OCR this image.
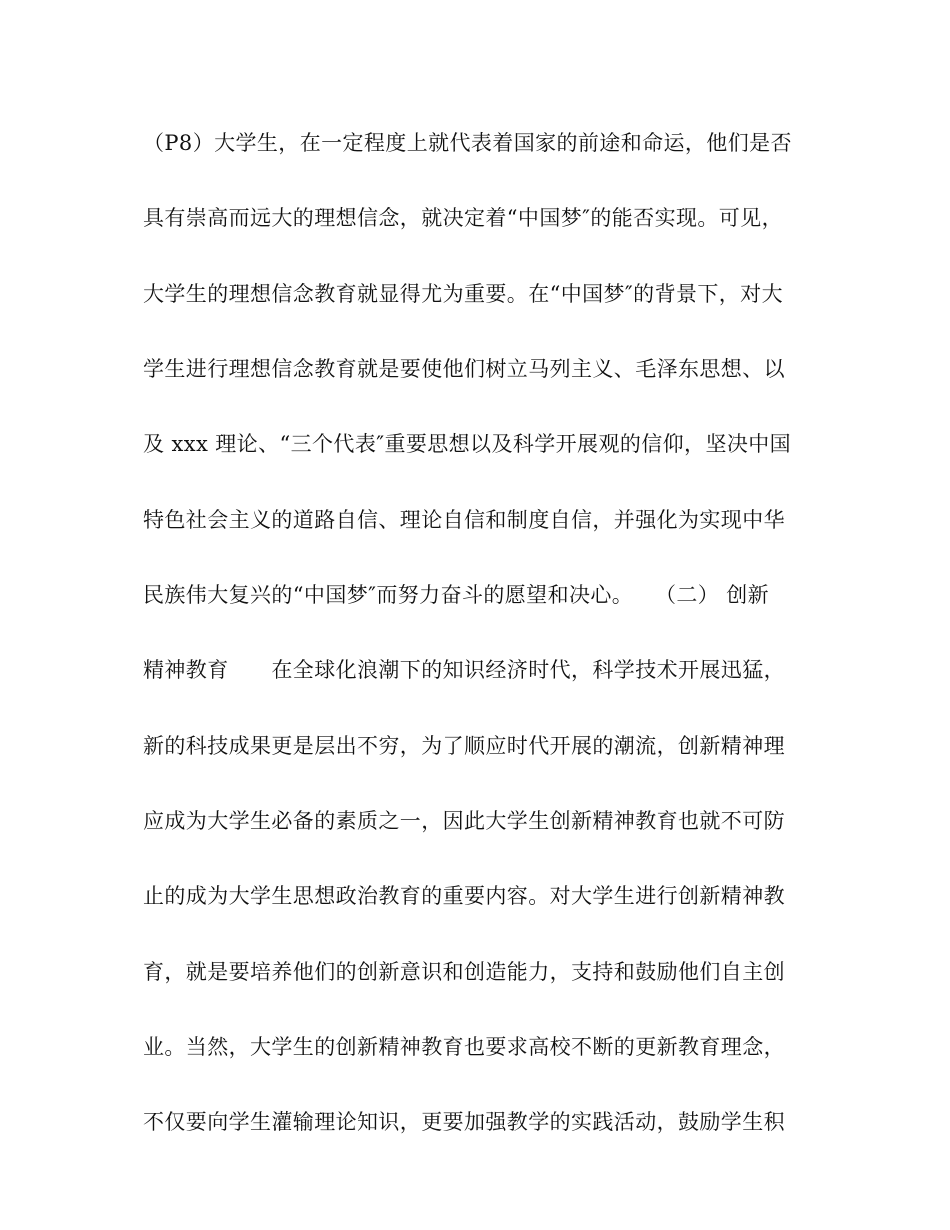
（P8）大学生，在一定程度上就代表着国家的前途和命运，他们是否
具有崇高而远大的理想信念，就决定着“中国梦″的能否实现。可见，
大学生的理想信念教育就显得尤为重要。在“中国梦″的背景下，对大
学生进行理想信念教育就是要使他们树立马列主义、毛泽东思想、以
及 xxx 理论、“三个代表″重要思想以及科学开展观的信仰，坚决中国
特色社会主义的道路自信、理论自信和制度自信，并强化为实现中华
民族伟大复兴的“中国梦″而努力奋斗的愿望和决心。　　（二） 创新
精神教育　　在全球化浪潮下的知识经济时代，科学技术开展迅猛，
新的科技成果更是层出不穷，为了顺应时代开展的潮流，创新精神理
应成为大学生必备的素质之一，因此大学生创新精神教育也就不可防
止的成为大学生思想政治教育的重要内容。对大学生进行创新精神教
育，就是要培养他们的创新意识和创造能力，支持和鼓励他们自主创
业。当然，大学生的创新精神教育也要求高校不断的更新教育理念，
不仅要向学生灌输理论知识，更要加强教学的实践活动，鼓励学生积
